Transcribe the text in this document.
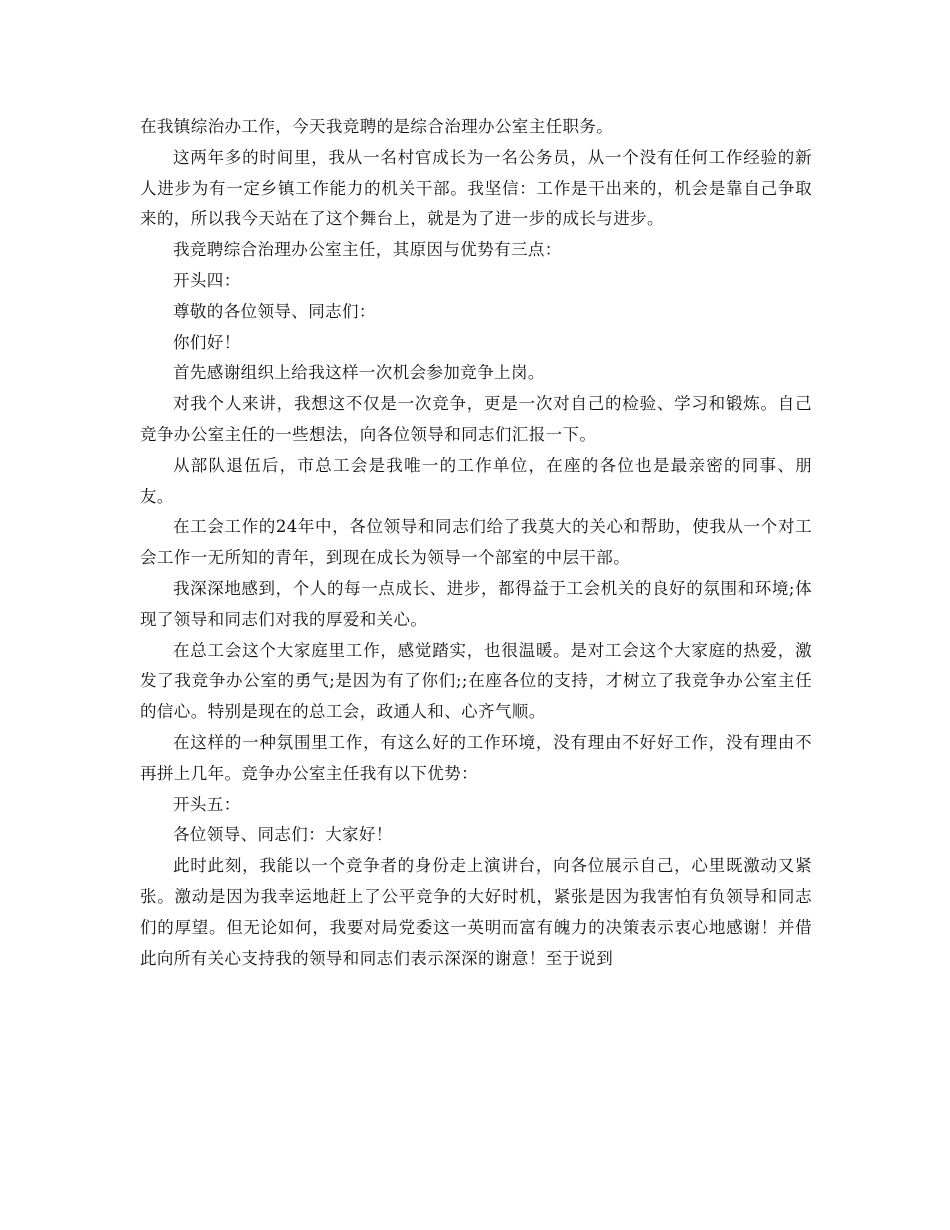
在我镇综治办工作，今天我竞聘的是综合治理办公室主任职务。

这两年多的时间里，我从一名村官成长为一名公务员，从一个没有任何工作经验的新人进步为有一定乡镇工作能力的机关干部。我坚信：工作是干出来的，机会是靠自己争取来的，所以我今天站在了这个舞台上，就是为了进一步的成长与进步。

我竞聘综合治理办公室主任，其原因与优势有三点：

开头四：

尊敬的各位领导、同志们：

你们好！

首先感谢组织上给我这样一次机会参加竞争上岗。

对我个人来讲，我想这不仅是一次竞争，更是一次对自己的检验、学习和锻炼。自己竞争办公室主任的一些想法，向各位领导和同志们汇报一下。

从部队退伍后，市总工会是我唯一的工作单位，在座的各位也是最亲密的同事、朋友。

在工会工作的24年中，各位领导和同志们给了我莫大的关心和帮助，使我从一个对工会工作一无所知的青年，到现在成长为领导一个部室的中层干部。

我深深地感到，个人的每一点成长、进步，都得益于工会机关的良好的氛围和环境;体现了领导和同志们对我的厚爱和关心。

在总工会这个大家庭里工作，感觉踏实，也很温暖。是对工会这个大家庭的热爱，激发了我竞争办公室的勇气;是因为有了你们;;在座各位的支持，才树立了我竞争办公室主任的信心。特别是现在的总工会，政通人和、心齐气顺。

在这样的一种氛围里工作，有这么好的工作环境，没有理由不好好工作，没有理由不再拼上几年。竞争办公室主任我有以下优势：

开头五：

各位领导、同志们：大家好！

此时此刻，我能以一个竞争者的身份走上演讲台，向各位展示自己，心里既激动又紧张。激动是因为我幸运地赶上了公平竞争的大好时机，紧张是因为我害怕有负领导和同志们的厚望。但无论如何，我要对局党委这一英明而富有魄力的决策表示衷心地感谢！并借此向所有关心支持我的领导和同志们表示深深的谢意！至于说到
